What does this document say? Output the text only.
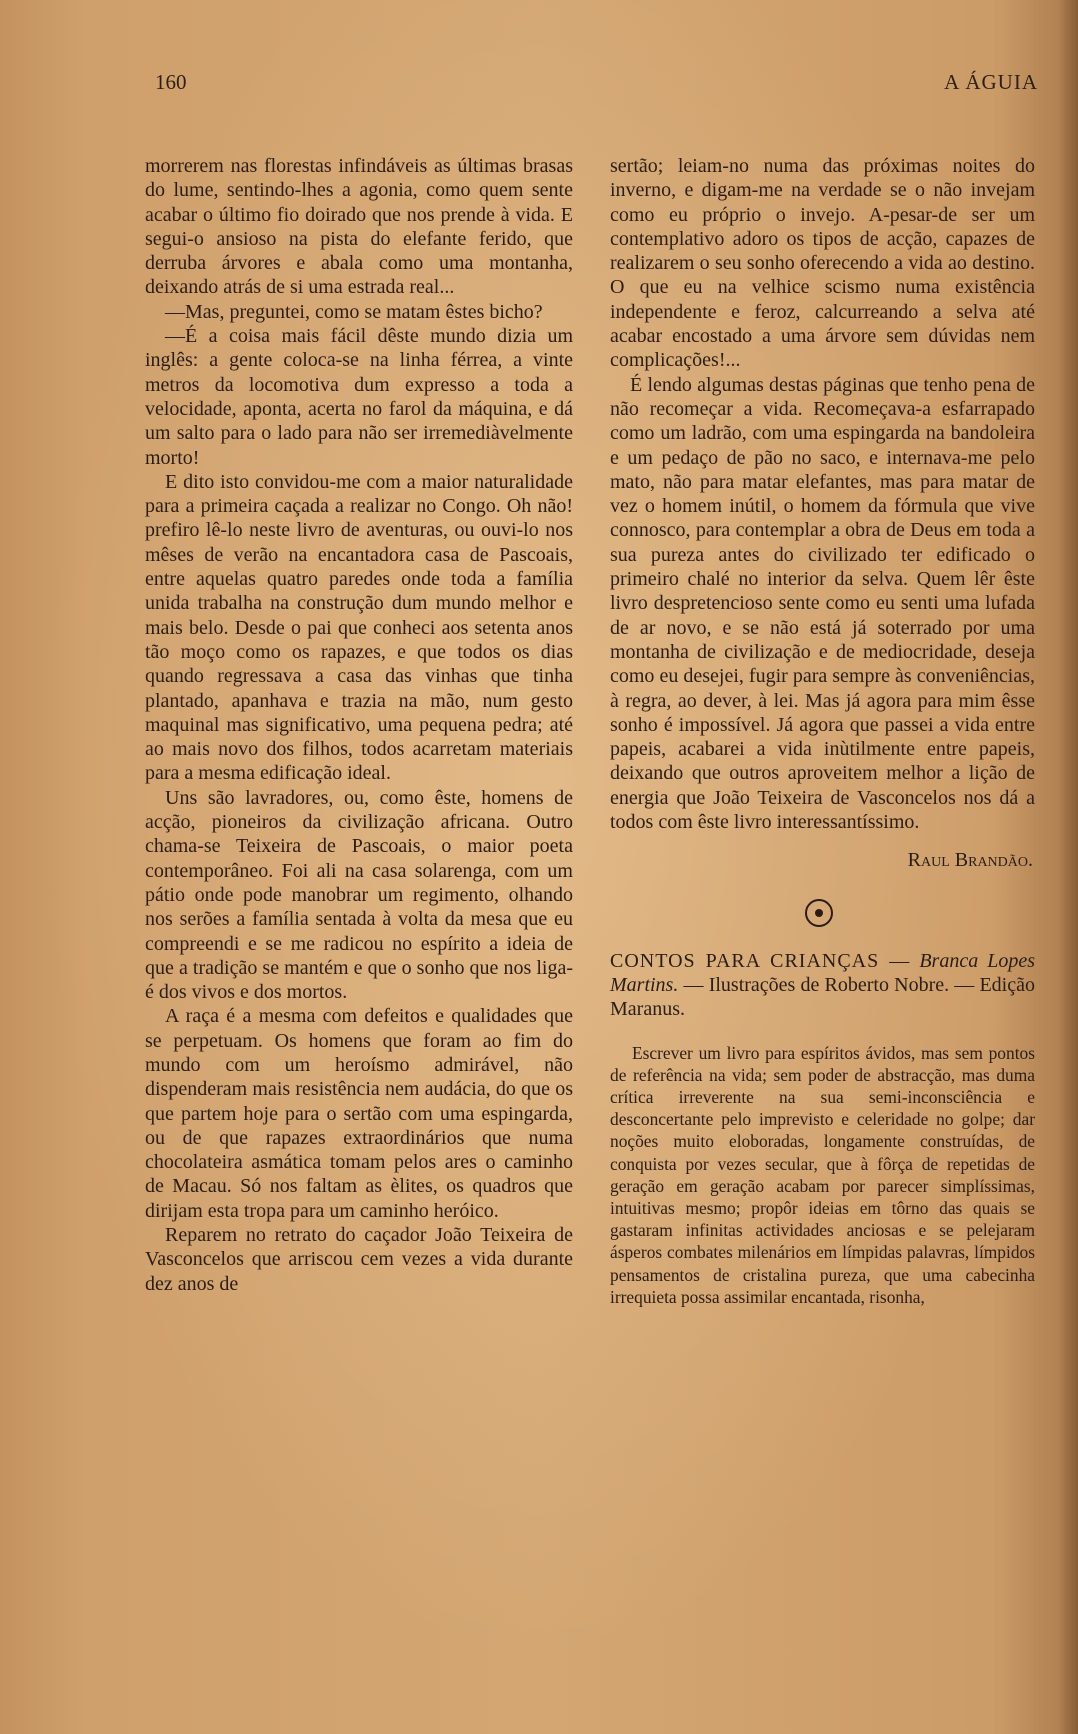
160	A ÁGUIA

morrerem nas florestas infindáveis as últimas brasas do lume, sentindo-lhes a agonia, como quem sente acabar o último fio doirado que nos prende à vida. E segui-o ansioso na pista do elefante ferido, que derruba árvores e abala como uma montanha, deixando atrás de si uma estrada real...

—Mas, preguntei, como se matam êstes bicho?

—É a coisa mais fácil dêste mundo dizia um inglês: a gente coloca-se na linha férrea, a vinte metros da locomotiva dum expresso a toda a velocidade, aponta, acerta no farol da máquina, e dá um salto para o lado para não ser irremediàvelmente morto!

E dito isto convidou-me com a maior naturalidade para a primeira caçada a realizar no Congo. Oh não! prefiro lê-lo neste livro de aventuras, ou ouvi-lo nos mêses de verão na encantadora casa de Pascoais, entre aquelas quatro paredes onde toda a família unida trabalha na construção dum mundo melhor e mais belo. Desde o pai que conheci aos setenta anos tão moço como os rapazes, e que todos os dias quando regressava a casa das vinhas que tinha plantado, apanhava e trazia na mão, num gesto maquinal mas significativo, uma pequena pedra; até ao mais novo dos filhos, todos acarretam materiais para a mesma edificação ideal.

Uns são lavradores, ou, como êste, homens de acção, pioneiros da civilização africana. Outro chama-se Teixeira de Pascoais, o maior poeta contemporâneo. Foi ali na casa solarenga, com um pátio onde pode manobrar um regimento, olhando nos serões a família sentada à volta da mesa que eu compreendi e se me radicou no espírito a ideia de que a tradição se mantém e que o sonho que nos liga-é dos vivos e dos mortos.

A raça é a mesma com defeitos e qualidades que se perpetuam. Os homens que foram ao fim do mundo com um heroísmo admirável, não dispenderam mais resistência nem audácia, do que os que partem hoje para o sertão com uma espingarda, ou de que rapazes extraordinários que numa chocolateira asmática tomam pelos ares o caminho de Macau. Só nos faltam as èlites, os quadros que dirijam esta tropa para um caminho heróico.

Reparem no retrato do caçador João Teixeira de Vasconcelos que arriscou cem vezes a vida durante dez anos de

sertão; leiam-no numa das próximas noites do inverno, e digam-me na verdade se o não invejam como eu próprio o invejo. A-pesar-de ser um contemplativo adoro os tipos de acção, capazes de realizarem o seu sonho oferecendo a vida ao destino. O que eu na velhice scismo numa existência independente e feroz, calcurreando a selva até acabar encostado a uma árvore sem dúvidas nem complicações!...

É lendo algumas destas páginas que tenho pena de não recomeçar a vida. Recomeçava-a esfarrapado como um ladrão, com uma espingarda na bandoleira e um pedaço de pão no saco, e internava-me pelo mato, não para matar elefantes, mas para matar de vez o homem inútil, o homem da fórmula que vive connosco, para contemplar a obra de Deus em toda a sua pureza antes do civilizado ter edificado o primeiro chalé no interior da selva. Quem lêr êste livro despretencioso sente como eu senti uma lufada de ar novo, e se não está já soterrado por uma montanha de civilização e de mediocridade, deseja como eu desejei, fugir para sempre às conveniências, à regra, ao dever, à lei. Mas já agora para mim êsse sonho é impossível. Já agora que passei a vida entre papeis, acabarei a vida inùtilmente entre papeis, deixando que outros aproveitem melhor a lição de energia que João Teixeira de Vasconcelos nos dá a todos com êste livro interessantíssimo.

Raul Brandão.
CONTOS PARA CRIANÇAS — Branca Lopes Martins. — Ilustrações de Roberto Nobre. — Edição Maranus.

Escrever um livro para espíritos ávidos, mas sem pontos de referência na vida; sem poder de abstracção, mas duma crítica irreverente na sua semi-inconsciência e desconcertante pelo imprevisto e celeridade no golpe; dar noções muito eloboradas, longamente construídas, de conquista por vezes secular, que à fôrça de repetidas de geração em geração acabam por parecer simplíssimas, intuitivas mesmo; propôr ideias em tôrno das quais se gastaram infinitas actividades anciosas e se pelejaram ásperos combates milenários em límpidas palavras, límpidos pensamentos de cristalina pureza, que uma cabecinha irrequieta possa assimilar encantada, risonha,
